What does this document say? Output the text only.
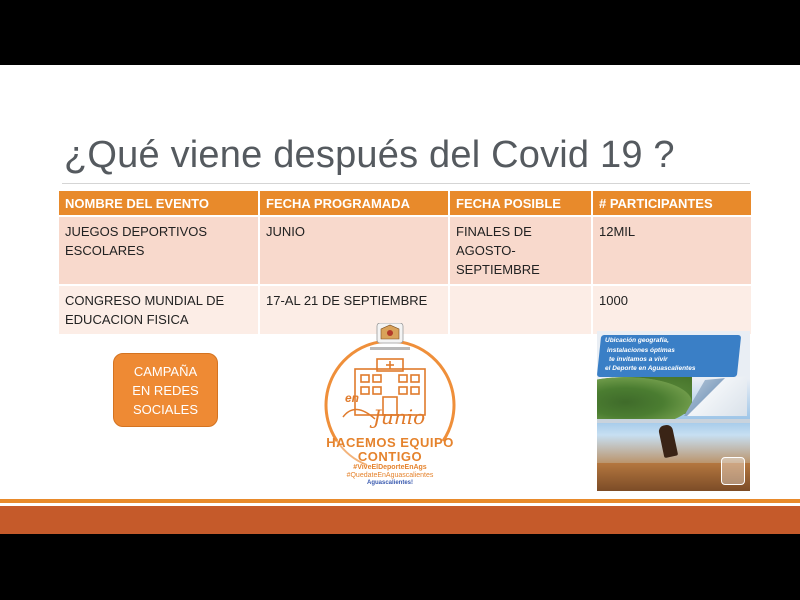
¿Qué viene después del Covid 19 ?
NOMBRE DEL EVENTO	FECHA PROGRAMADA	FECHA POSIBLE	# PARTICIPANTES
JUEGOS DEPORTIVOS ESCOLARES	JUNIO	FINALES DE AGOSTO-SEPTIEMBRE	12MIL
CONGRESO MUNDIAL DE EDUCACION FISICA	17-AL 21 DE SEPTIEMBRE		1000
CAMPAÑA
EN REDES
SOCIALES
en
Junio
HACEMOS EQUIPO
CONTIGO
#ViveElDeporteEnAgs
#QuedateEnAguascalientes
Aguascalientes!
Ubicación geografía,
instalaciones óptimas
te invitamos a vivir
el Deporte en Aguascalientes
